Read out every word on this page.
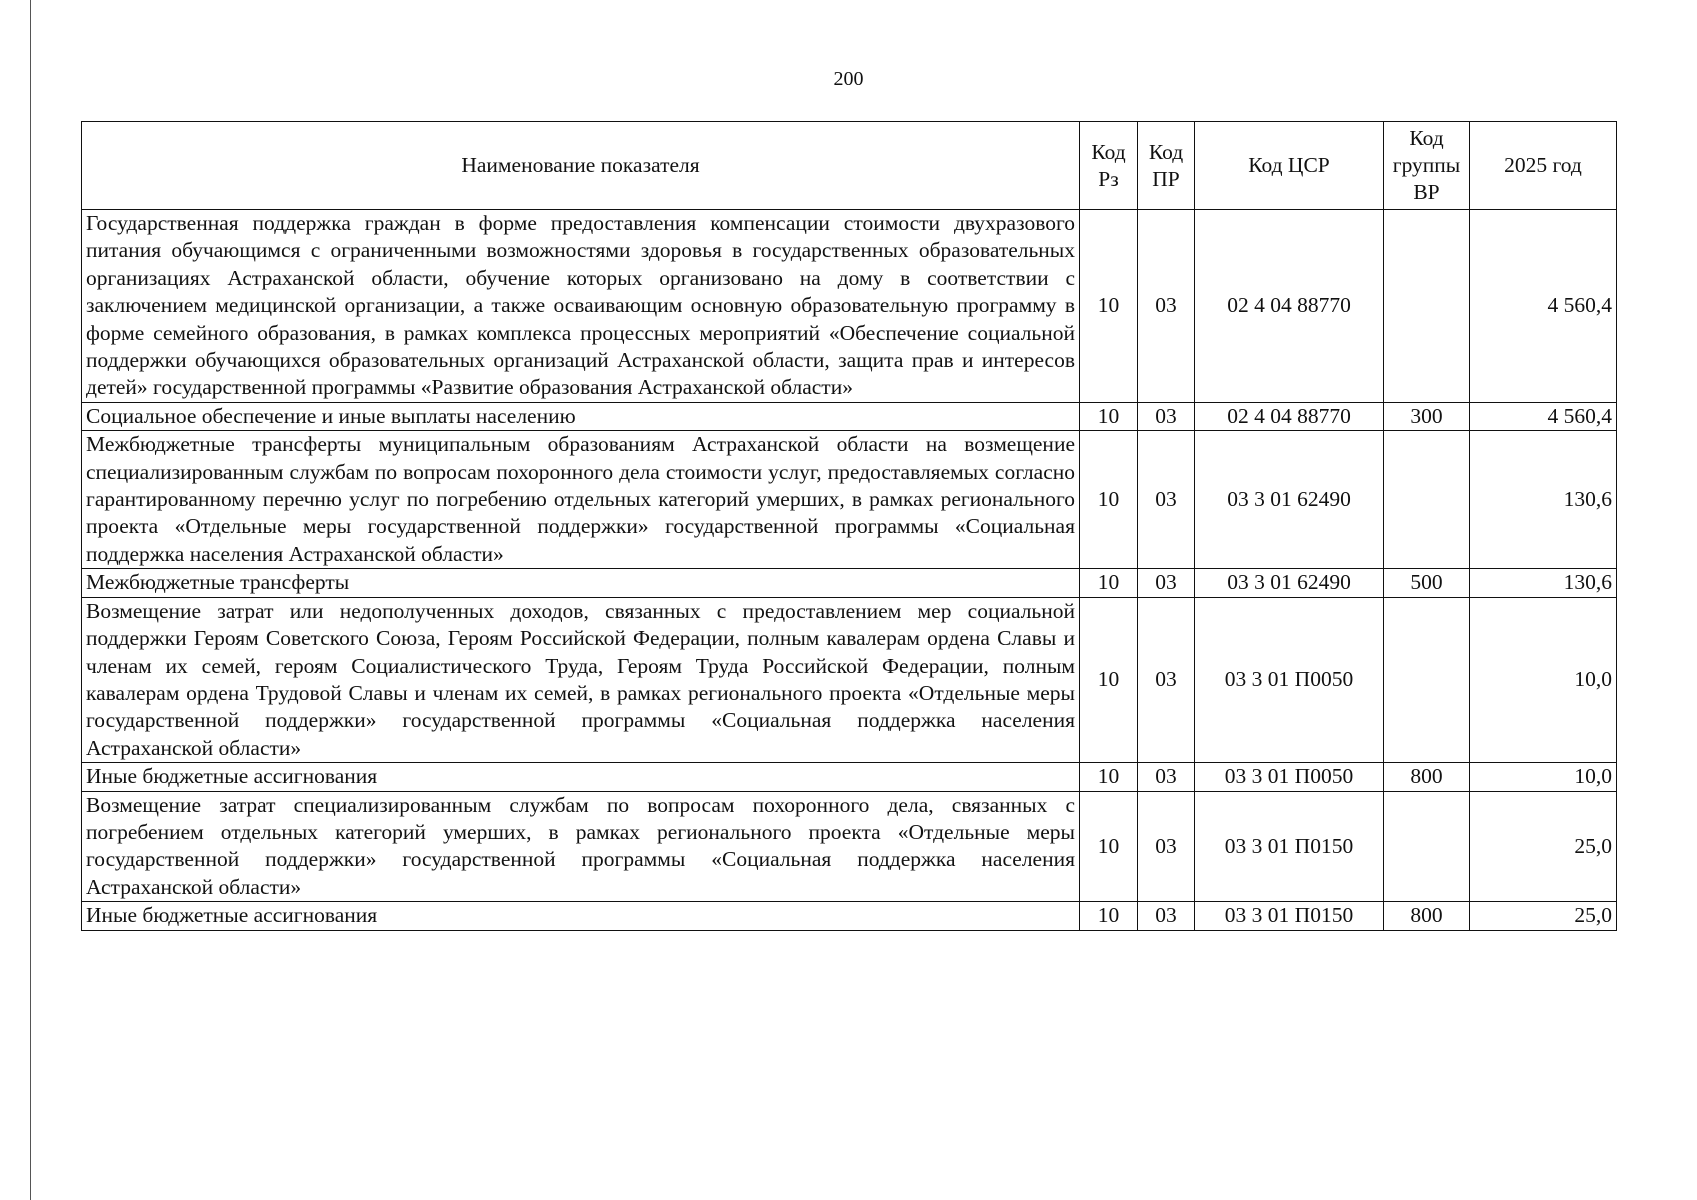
200
Наименование показателя	Код Рз	Код ПР	Код ЦСР	Код группы ВР	2025 год
Государственная поддержка граждан в форме предоставления компенсации стоимости двухразового питания обучающимся с ограниченными возможностями здоровья в государственных образовательных организациях Астраханской области, обучение которых организовано на дому в соответствии с заключением медицинской организации, а также осваивающим основную образовательную программу в форме семейного образования, в рамках комплекса процессных мероприятий «Обеспечение социальной поддержки обучающихся образовательных организаций Астраханской области, защита прав и интересов детей» государственной программы «Развитие образования Астраханской области»	10	03	02 4 04 88770		4 560,4
Социальное обеспечение и иные выплаты населению	10	03	02 4 04 88770	300	4 560,4
Межбюджетные трансферты муниципальным образованиям Астраханской области на возмещение специализированным службам по вопросам похоронного дела стоимости услуг, предоставляемых согласно гарантированному перечню услуг по погребению отдельных категорий умерших, в рамках регионального проекта «Отдельные меры государственной поддержки» государственной программы «Социальная поддержка населения Астраханской области»	10	03	03 3 01 62490		130,6
Межбюджетные трансферты	10	03	03 3 01 62490	500	130,6
Возмещение затрат или недополученных доходов, связанных с предоставлением мер социальной поддержки Героям Советского Союза, Героям Российской Федерации, полным кавалерам ордена Славы и членам их семей, героям Социалистического Труда, Героям Труда Российской Федерации, полным кавалерам ордена Трудовой Славы и членам их семей, в рамках регионального проекта «Отдельные меры государственной поддержки» государственной программы «Социальная поддержка населения Астраханской области»	10	03	03 3 01 П0050		10,0
Иные бюджетные ассигнования	10	03	03 3 01 П0050	800	10,0
Возмещение затрат специализированным службам по вопросам похоронного дела, связанных с погребением отдельных категорий умерших, в рамках регионального проекта «Отдельные меры государственной поддержки» государственной программы «Социальная поддержка населения Астраханской области»	10	03	03 3 01 П0150		25,0
Иные бюджетные ассигнования	10	03	03 3 01 П0150	800	25,0
